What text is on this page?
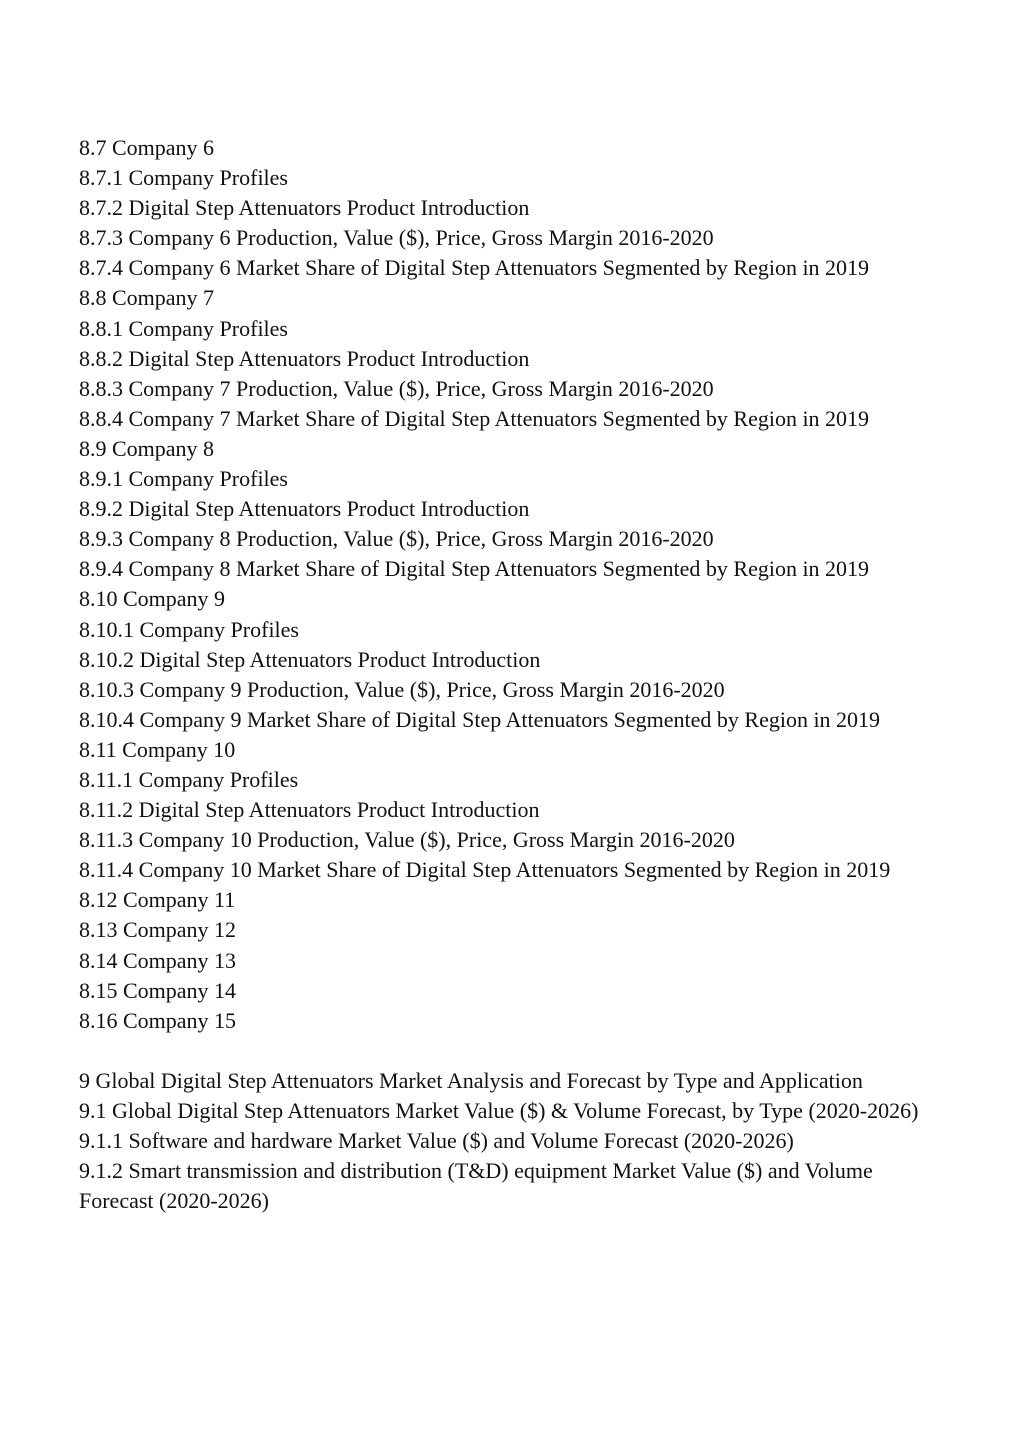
8.7 Company 6
8.7.1 Company Profiles
8.7.2 Digital Step Attenuators Product Introduction
8.7.3 Company 6 Production, Value ($), Price, Gross Margin 2016-2020
8.7.4 Company 6 Market Share of Digital Step Attenuators Segmented by Region in 2019
8.8 Company 7
8.8.1 Company Profiles
8.8.2 Digital Step Attenuators Product Introduction
8.8.3 Company 7 Production, Value ($), Price, Gross Margin 2016-2020
8.8.4 Company 7 Market Share of Digital Step Attenuators Segmented by Region in 2019
8.9 Company 8
8.9.1 Company Profiles
8.9.2 Digital Step Attenuators Product Introduction
8.9.3 Company 8 Production, Value ($), Price, Gross Margin 2016-2020
8.9.4 Company 8 Market Share of Digital Step Attenuators Segmented by Region in 2019
8.10 Company 9
8.10.1 Company Profiles
8.10.2 Digital Step Attenuators Product Introduction
8.10.3 Company 9 Production, Value ($), Price, Gross Margin 2016-2020
8.10.4 Company 9 Market Share of Digital Step Attenuators Segmented by Region in 2019
8.11 Company 10
8.11.1 Company Profiles
8.11.2 Digital Step Attenuators Product Introduction
8.11.3 Company 10 Production, Value ($), Price, Gross Margin 2016-2020
8.11.4 Company 10 Market Share of Digital Step Attenuators Segmented by Region in 2019
8.12 Company 11
8.13 Company 12
8.14 Company 13
8.15 Company 14
8.16 Company 15
9 Global Digital Step Attenuators Market Analysis and Forecast by Type and Application
9.1 Global Digital Step Attenuators Market Value ($) & Volume Forecast, by Type (2020-2026)
9.1.1 Software and hardware Market Value ($) and Volume Forecast (2020-2026)
9.1.2 Smart transmission and distribution (T&D) equipment Market Value ($) and Volume Forecast (2020-2026)
